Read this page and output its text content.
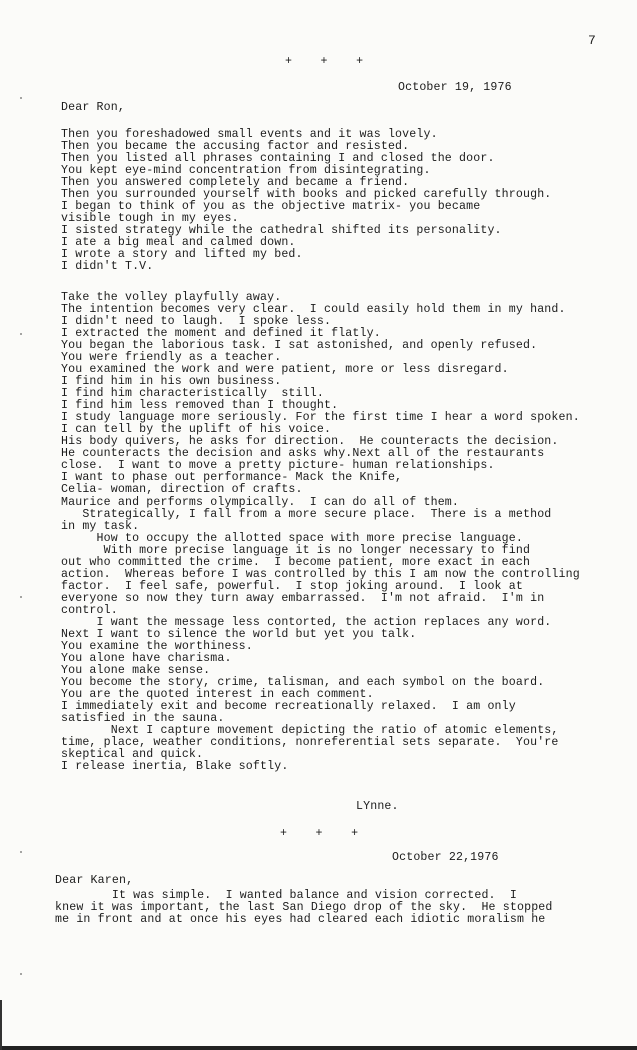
7
+    +    +
October 19, 1976
Dear Ron,
Then you foreshadowed small events and it was lovely.
Then you became the accusing factor and resisted.
Then you listed all phrases containing I and closed the door.
You kept eye-mind concentration from disintegrating.
Then you answered completely and became a friend.
Then you surrounded yourself with books and picked carefully through.
I began to think of you as the objective matrix- you became
visible tough in my eyes.
I sisted strategy while the cathedral shifted its personality.
I ate a big meal and calmed down.
I wrote a story and lifted my bed.
I didn't T.V.
Take the volley playfully away.
The intention becomes very clear.  I could easily hold them in my hand.
I didn't need to laugh.  I spoke less.
I extracted the moment and defined it flatly.
You began the laborious task. I sat astonished, and openly refused.
You were friendly as a teacher.
You examined the work and were patient, more or less disregard.
I find him in his own business.
I find him characteristically  still.
I find him less removed than I thought.
I study language more seriously. For the first time I hear a word spoken.
I can tell by the uplift of his voice.
His body quivers, he asks for direction.  He counteracts the decision.
He counteracts the decision and asks why.Next all of the restaurants
close.  I want to move a pretty picture- human relationships.
I want to phase out performance- Mack the Knife,
Celia- woman, direction of crafts.
Maurice and performs olympically.  I can do all of them.
Strategically, I fall from a more secure place.  There is a method
in my task.
How to occupy the allotted space with more precise language.
With more precise language it is no longer necessary to find
out who committed the crime.  I become patient, more exact in each
action.  Whereas before I was controlled by this I am now the controlling
factor.  I feel safe, powerful.  I stop joking around.  I look at
everyone so now they turn away embarrassed.  I'm not afraid.  I'm in
control.
I want the message less contorted, the action replaces any word.
Next I want to silence the world but yet you talk.
You examine the worthiness.
You alone have charisma.
You alone make sense.
You become the story, crime, talisman, and each symbol on the board.
You are the quoted interest in each comment.
I immediately exit and become recreationally relaxed.  I am only
satisfied in the sauna.
Next I capture movement depicting the ratio of atomic elements,
time, place, weather conditions, nonreferential sets separate.  You're
skeptical and quick.
I release inertia, Blake softly.
LYnne.
+    +    +
October 22,1976
Dear Karen,
It was simple.  I wanted balance and vision corrected.  I
knew it was important, the last San Diego drop of the sky.  He stopped
me in front and at once his eyes had cleared each idiotic moralism he
